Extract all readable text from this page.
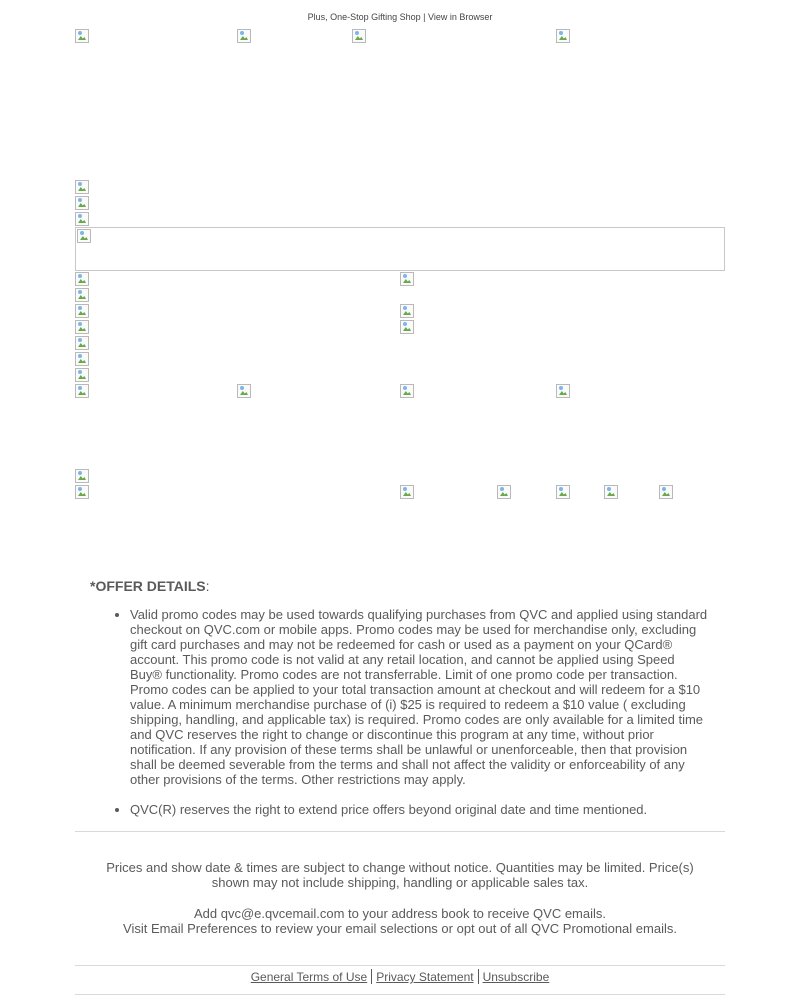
Plus, One-Stop Gifting Shop | View in Browser
*OFFER DETAILS:
• Valid promo codes may be used towards qualifying purchases from QVC and applied using standard checkout on QVC.com or mobile apps. Promo codes may be used for merchandise only, excluding gift card purchases and may not be redeemed for cash or used as a payment on your QCard® account. This promo code is not valid at any retail location, and cannot be applied using Speed Buy® functionality. Promo codes are not transferrable. Limit of one promo code per transaction. Promo codes can be applied to your total transaction amount at checkout and will redeem for a $10 value. A minimum merchandise purchase of (i) $25 is required to redeem a $10 value ( excluding shipping, handling, and applicable tax) is required. Promo codes are only available for a limited time and QVC reserves the right to change or discontinue this program at any time, without prior notification. If any provision of these terms shall be unlawful or unenforceable, then that provision shall be deemed severable from the terms and shall not affect the validity or enforceability of any other provisions of the terms. Other restrictions may apply.
• QVC(R) reserves the right to extend price offers beyond original date and time mentioned.
Prices and show date & times are subject to change without notice. Quantities may be limited. Price(s) shown may not include shipping, handling or applicable sales tax.
Add qvc@e.qvcemail.com to your address book to receive QVC emails.
Visit Email Preferences to review your email selections or opt out of all QVC Promotional emails.
General Terms of Use Privacy Statement Unsubscribe
